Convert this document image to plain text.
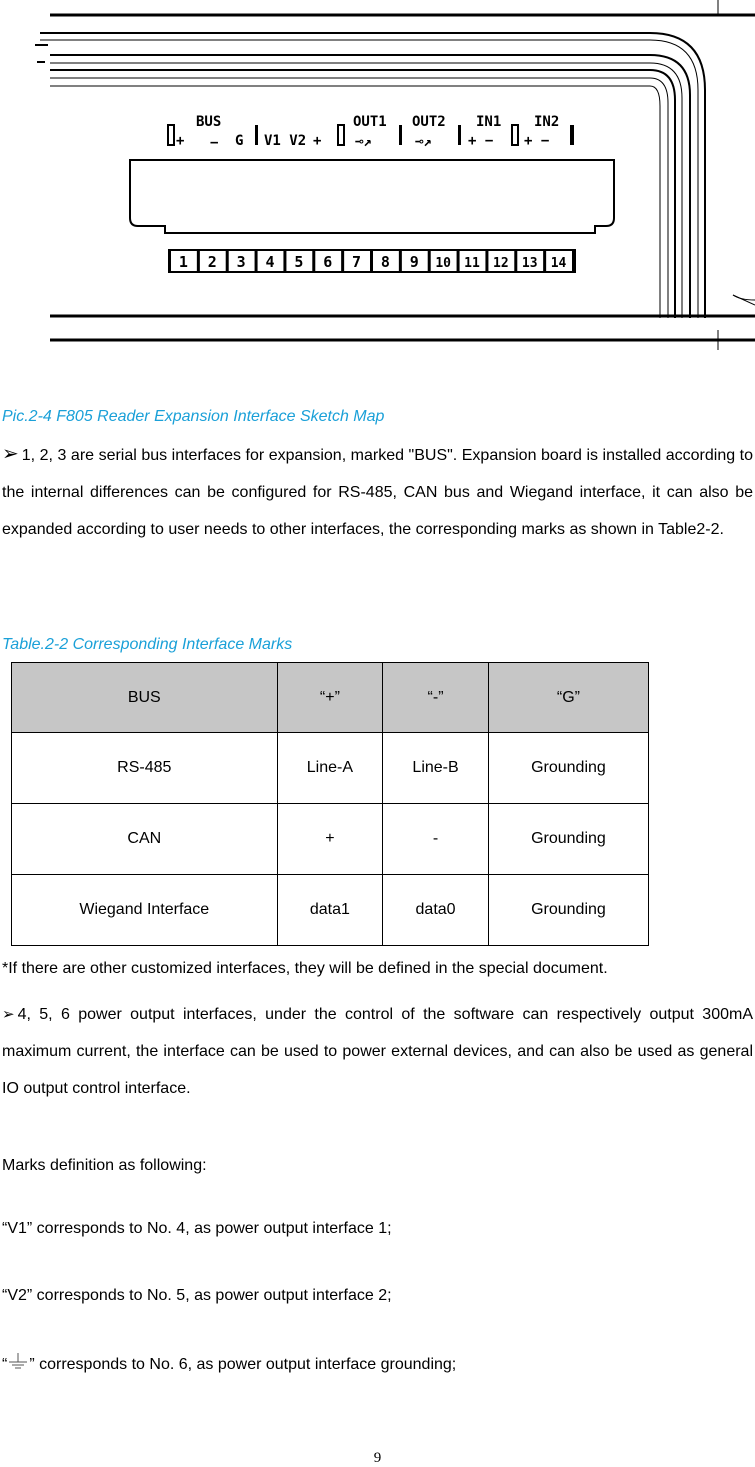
+
BUS
− G V1 V2 +
OUT1
⊸↗
OUT2
⊸↗
IN1
+ −
IN2
+ −
1 2 3 4 5 6 7 8 9 10 11 12 13 14

Pic.2-4 F805 Reader Expansion Interface Sketch Map

➢ 1, 2, 3 are serial bus interfaces for expansion, marked "BUS". Expansion board is installed according to the internal differences can be configured for RS-485, CAN bus and Wiegand interface, it can also be expanded according to user needs to other interfaces, the corresponding marks as shown in Table2-2.

Table.2-2 Corresponding Interface Marks

BUS	“+”	“-”	“G”
RS-485	Line-A	Line-B	Grounding
CAN	+	-	Grounding
Wiegand Interface	data1	data0	Grounding

*If there are other customized interfaces, they will be defined in the special document.

➢ 4, 5, 6 power output interfaces, under the control of the software can respectively output 300mA maximum current, the interface can be used to power external devices, and can also be used as general IO output control interface.

Marks definition as following:

“V1” corresponds to No. 4, as power output interface 1;

“V2” corresponds to No. 5, as power output interface 2;

“ ” corresponds to No. 6, as power output interface grounding;

9
